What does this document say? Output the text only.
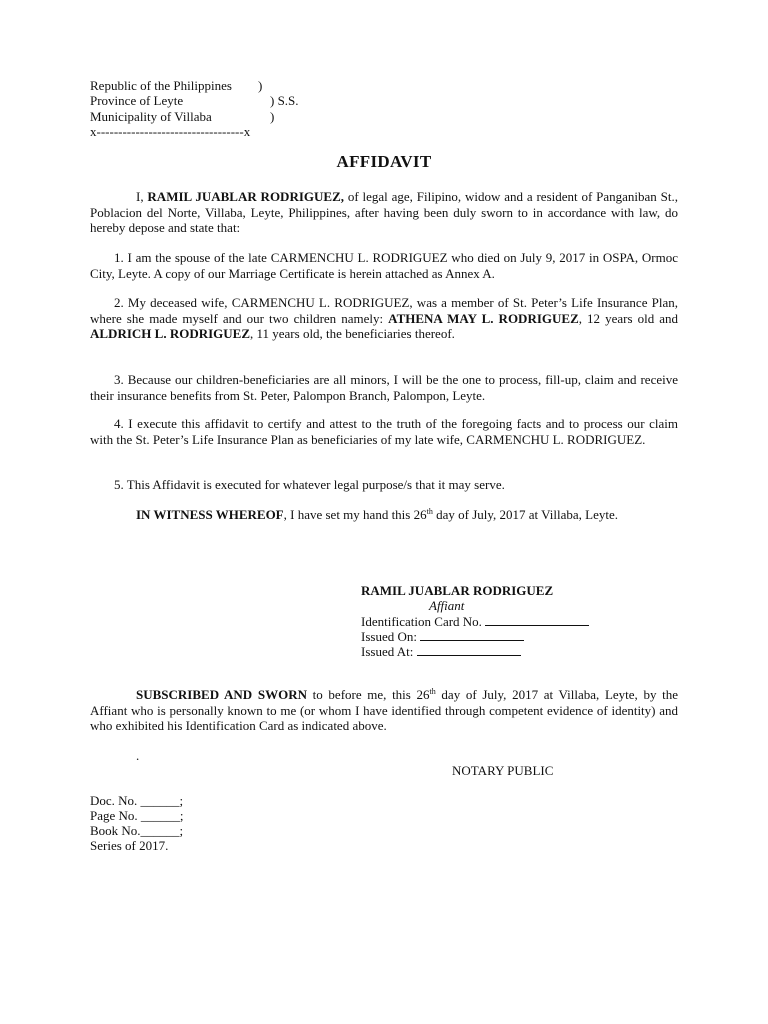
Republic of the Philippines )
Province of Leyte	) S.S.
Municipality of Villaba	)
x----------------------------------x
AFFIDAVIT
I, RAMIL JUABLAR RODRIGUEZ, of legal age, Filipino, widow and a resident of Panganiban St., Poblacion del Norte, Villaba, Leyte, Philippines, after having been duly sworn to in accordance with law, do hereby depose and state that:
1. I am the spouse of the late CARMENCHU L. RODRIGUEZ who died on July 9, 2017 in OSPA, Ormoc City, Leyte. A copy of our Marriage Certificate is herein attached as Annex A.
2. My deceased wife, CARMENCHU L. RODRIGUEZ, was a member of St. Peter’s Life Insurance Plan, where she made myself and our two children namely: ATHENA MAY L. RODRIGUEZ, 12 years old and ALDRICH L. RODRIGUEZ, 11 years old, the beneficiaries thereof.
3. Because our children-beneficiaries are all minors, I will be the one to process, fill-up, claim and receive their insurance benefits from St. Peter, Palompon Branch, Palompon, Leyte.
4. I execute this affidavit to certify and attest to the truth of the foregoing facts and to process our claim with the St. Peter’s Life Insurance Plan as beneficiaries of my late wife, CARMENCHU L. RODRIGUEZ.
5. This Affidavit is executed for whatever legal purpose/s that it may serve.
IN WITNESS WHEREOF, I have set my hand this 26th day of July, 2017 at Villaba, Leyte.
RAMIL JUABLAR RODRIGUEZ
Affiant
Identification Card No.
Issued On:
Issued At:
SUBSCRIBED AND SWORN to before me, this 26th day of July, 2017 at Villaba, Leyte, by the Affiant who is personally known to me (or whom I have identified through competent evidence of identity) and who exhibited his Identification Card as indicated above.
.
NOTARY PUBLIC
Doc. No. ______;
Page No. ______;
Book No.______;
Series of 2017.
